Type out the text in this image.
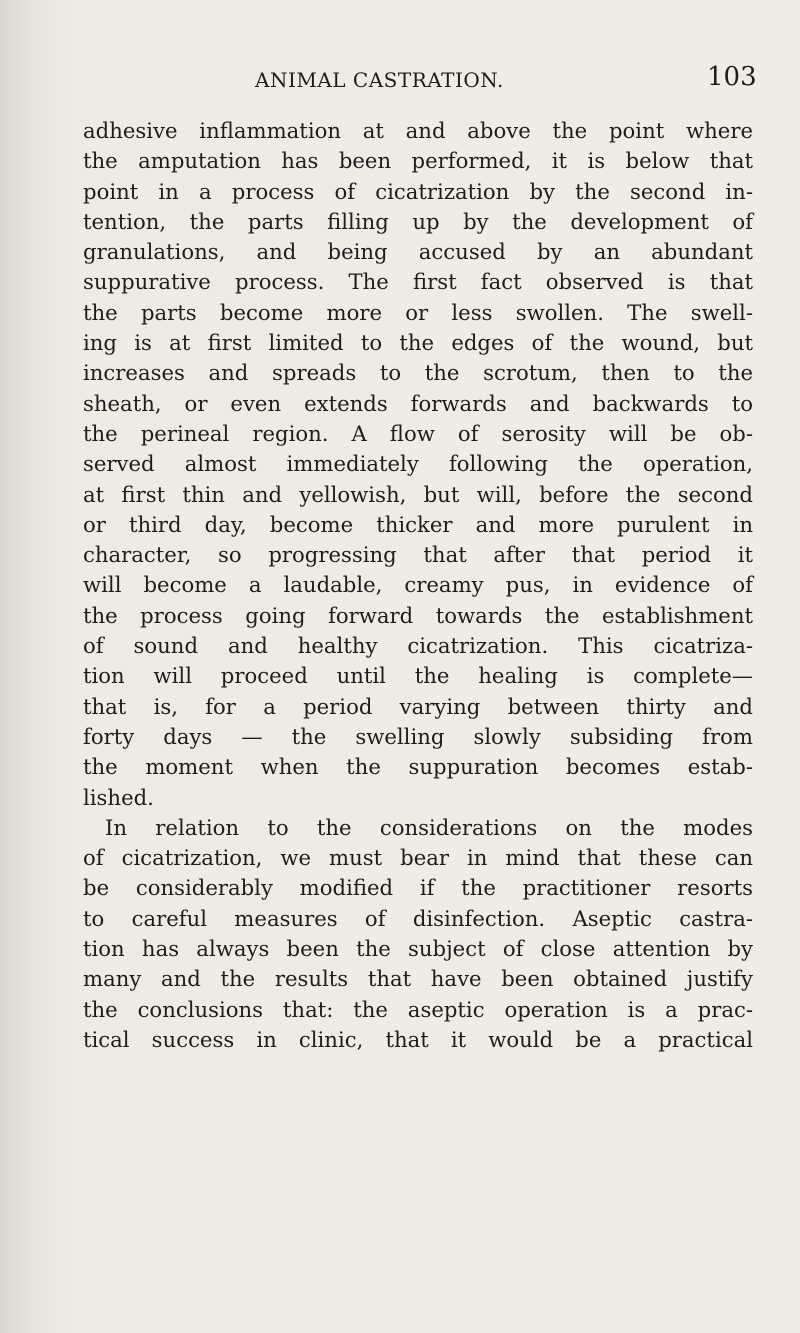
ANIMAL CASTRATION.	103
adhesive inflammation at and above the point where
the amputation has been performed, it is below that
point in a process of cicatrization by the second in-
tention, the parts filling up by the development of
granulations, and being accused by an abundant
suppurative process. The first fact observed is that
the parts become more or less swollen. The swell-
ing is at first limited to the edges of the wound, but
increases and spreads to the scrotum, then to the
sheath, or even extends forwards and backwards to
the perineal region. A flow of serosity will be ob-
served almost immediately following the operation,
at first thin and yellowish, but will, before the second
or third day, become thicker and more purulent in
character, so progressing that after that period it
will become a laudable, creamy pus, in evidence of
the process going forward towards the establishment
of sound and healthy cicatrization. This cicatriza-
tion will proceed until the healing is complete—
that is, for a period varying between thirty and
forty days — the swelling slowly subsiding from
the moment when the suppuration becomes estab-
lished.
In relation to the considerations on the modes
of cicatrization, we must bear in mind that these can
be considerably modified if the practitioner resorts
to careful measures of disinfection. Aseptic castra-
tion has always been the subject of close attention by
many and the results that have been obtained justify
the conclusions that: the aseptic operation is a prac-
tical success in clinic, that it would be a practical
